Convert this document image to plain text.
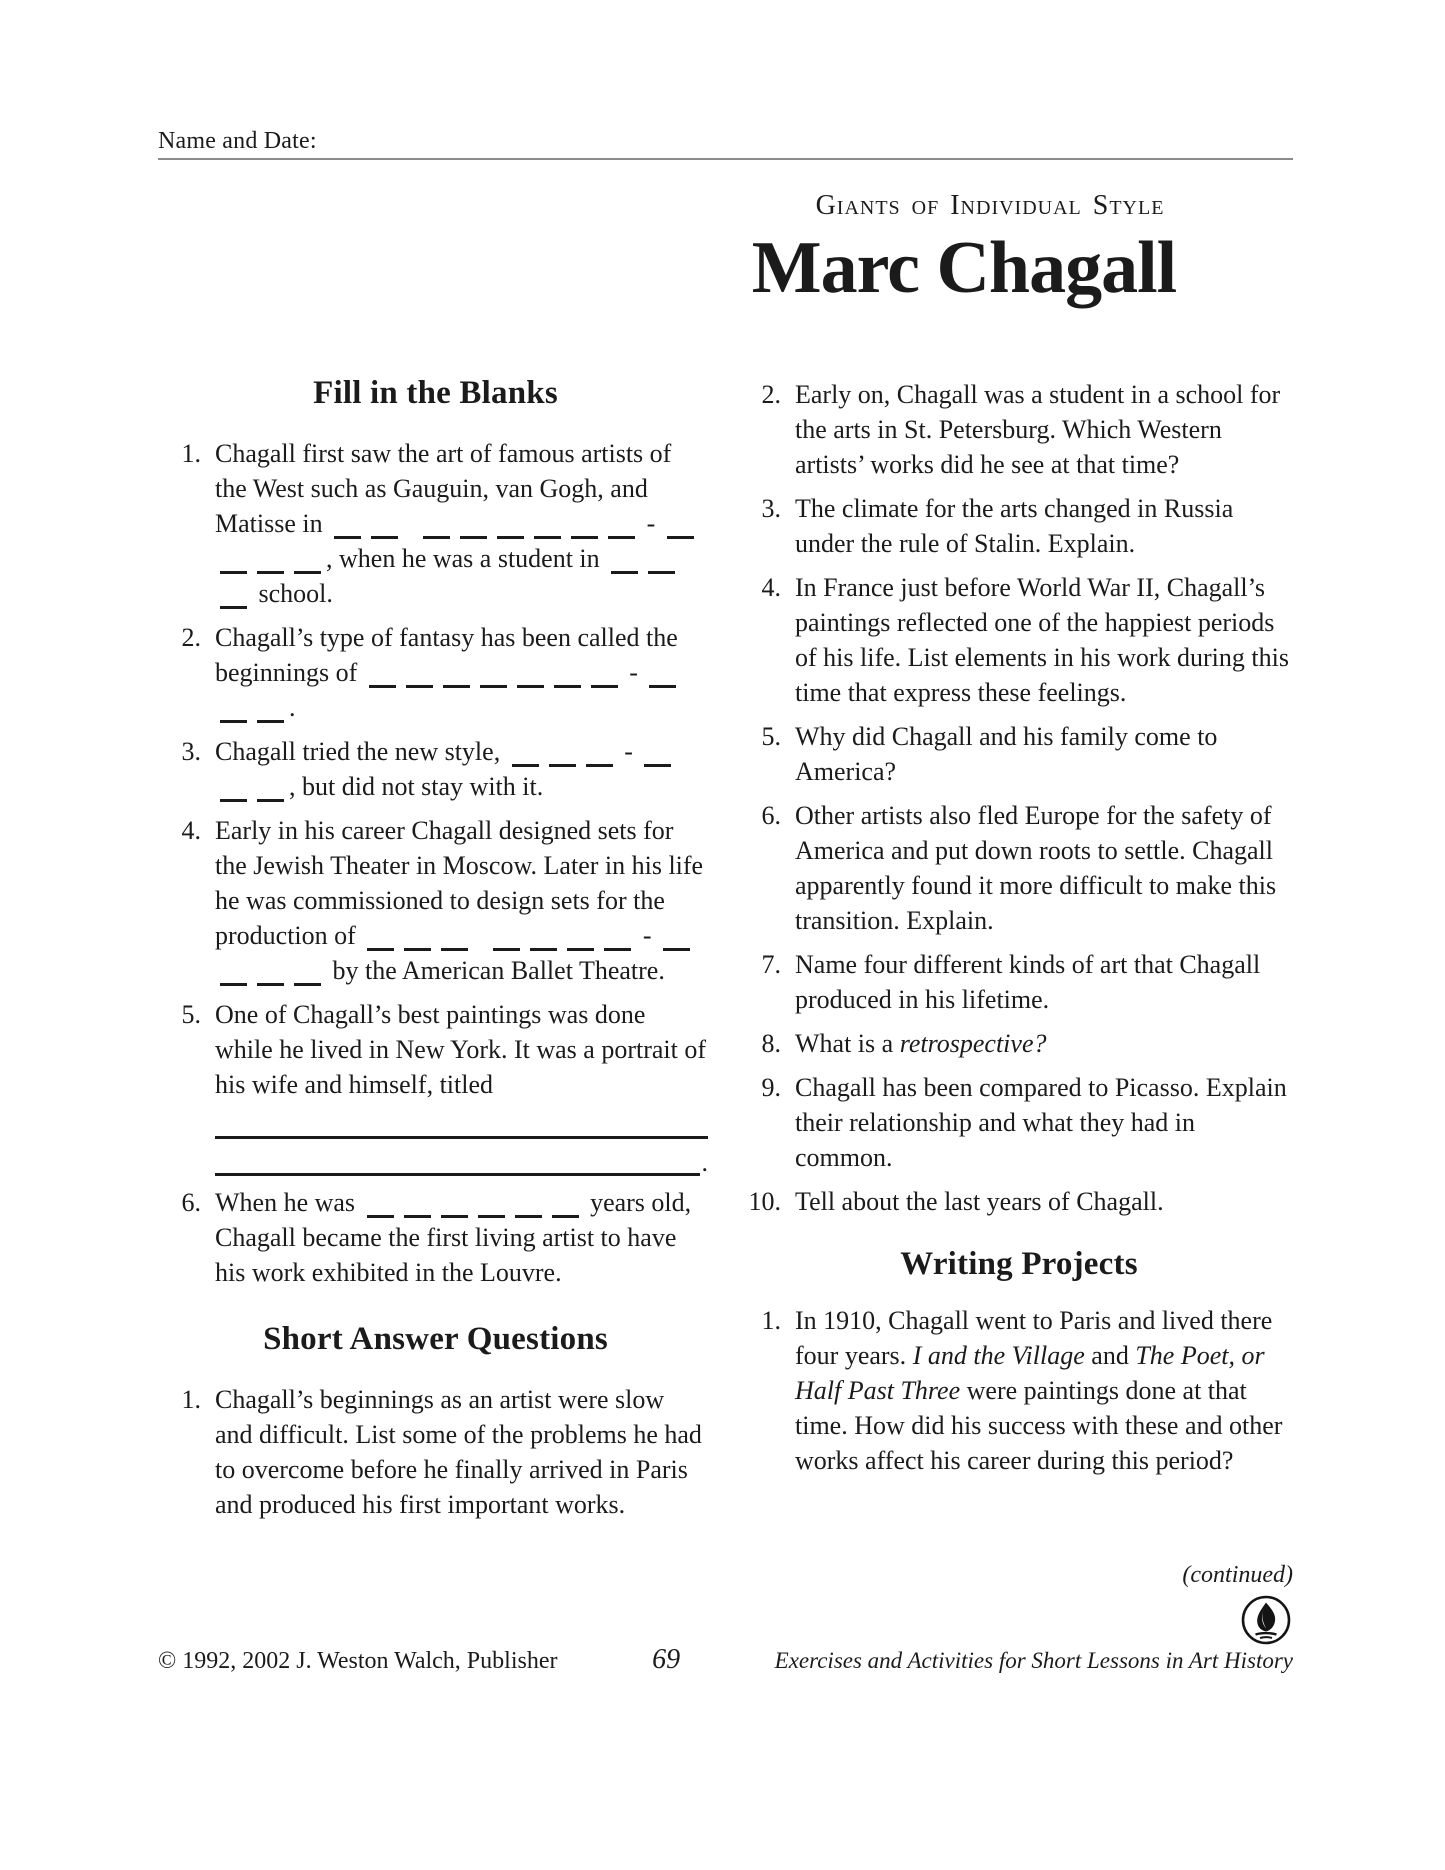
Name and Date:
Giants of Individual Style
Marc Chagall
Fill in the Blanks
1. Chagall first saw the art of famous artists of the West such as Gauguin, van Gogh, and Matisse in	- , when he was a student in  school.
2. Chagall’s type of fantasy has been called the beginnings of	- .
3. Chagall tried the new style,	- , but did not stay with it.
4. Early in his career Chagall designed sets for the Jewish Theater in Moscow. Later in his life he was commissioned to design sets for the production of	-  by the American Ballet Theatre.
5. One of Chagall’s best paintings was done while he lived in New York. It was a portrait of his wife and himself, titled
.
6. When he was	years old, Chagall became the first living artist to have his work exhibited in the Louvre.
Short Answer Questions
1. Chagall’s beginnings as an artist were slow and difficult. List some of the problems he had to overcome before he finally arrived in Paris and produced his first important works.
2. Early on, Chagall was a student in a school for the arts in St. Petersburg. Which Western artists’ works did he see at that time?
3. The climate for the arts changed in Russia under the rule of Stalin. Explain.
4. In France just before World War II, Chagall’s paintings reflected one of the happiest periods of his life. List elements in his work during this time that express these feelings.
5. Why did Chagall and his family come to America?
6. Other artists also fled Europe for the safety of America and put down roots to settle. Chagall apparently found it more difficult to make this transition. Explain.
7. Name four different kinds of art that Chagall produced in his lifetime.
8. What is a retrospective?
9. Chagall has been compared to Picasso. Explain their relationship and what they had in common.
10. Tell about the last years of Chagall.
Writing Projects
1. In 1910, Chagall went to Paris and lived there four years. I and the Village and The Poet, or Half Past Three were paintings done at that time. How did his success with these and other works affect his career during this period?
(continued)
© 1992, 2002 J. Weston Walch, Publisher	69	Exercises and Activities for Short Lessons in Art History
